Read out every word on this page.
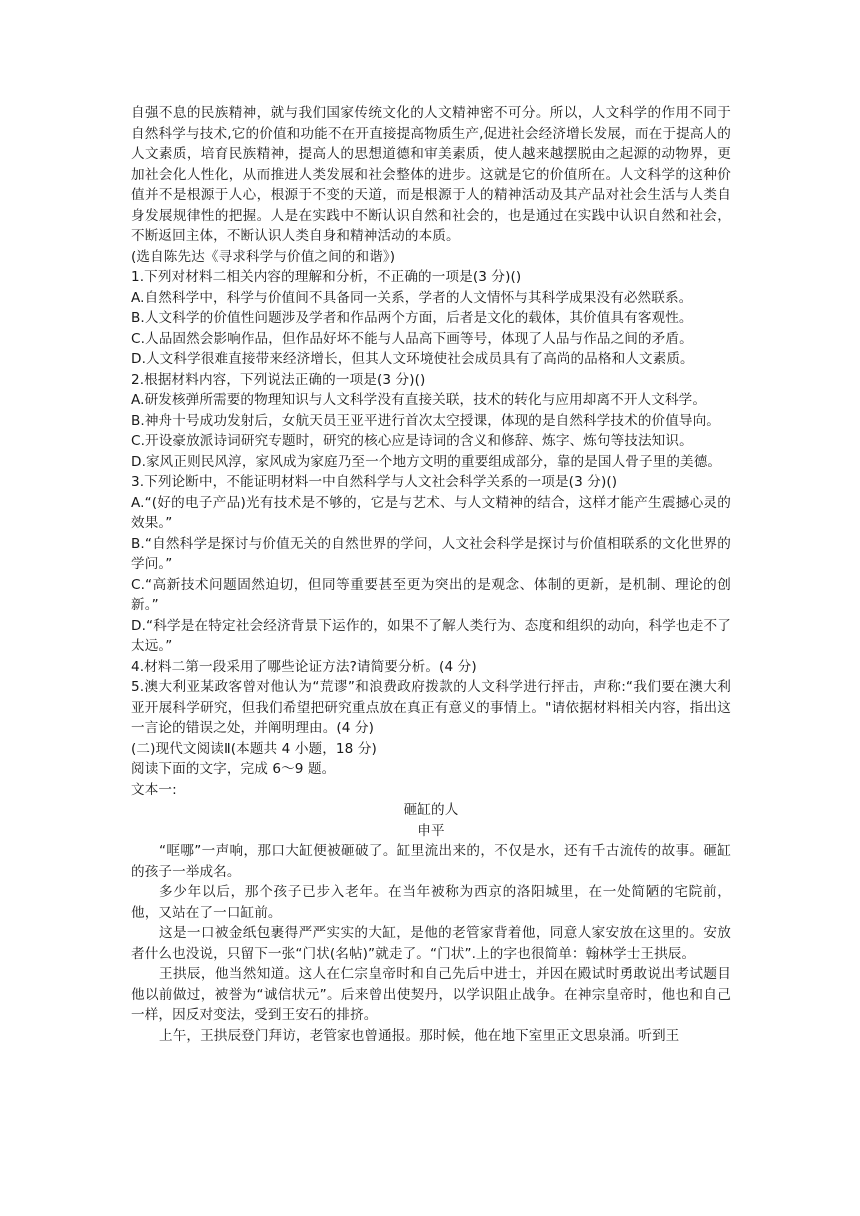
自强不息的民族精神，就与我们国家传统文化的人文精神密不可分。所以，人文科学的作用不同于自然科学与技术,它的价值和功能不在开直接提高物质生产,促进社会经济增长发展，而在于提高人的人文素质，培育民族精神，提高人的思想道德和审美素质，使人越来越摆脱由之起源的动物界，更加社会化人性化，从而推进人类发展和社会整体的进步。这就是它的价值所在。人文科学的这种价值并不是根源于人心，根源于不变的天道，而是根源于人的精神活动及其产品对社会生活与人类自身发展规律性的把握。人是在实践中不断认识自然和社会的，也是通过在实践中认识自然和社会，不断返回主体，不断认识人类自身和精神活动的本质。

(选自陈先达《寻求科学与价值之间的和谐》)

1.下列对材料二相关内容的理解和分析，不正确的一项是(3 分)()

A.自然科学中，科学与价值间不具备同一关系，学者的人文情怀与其科学成果没有必然联系。

B.人文科学的价值性问题涉及学者和作品两个方面，后者是文化的载体，其价值具有客观性。

C.人品固然会影响作品，但作品好坏不能与人品高下画等号，体现了人品与作品之间的矛盾。

D.人文科学很难直接带来经济增长，但其人文环境使社会成员具有了高尚的品格和人文素质。

2.根据材料内容，下列说法正确的一项是(3 分)()

A.研发核弹所需要的物理知识与人文科学没有直接关联，技术的转化与应用却离不开人文科学。

B.神舟十号成功发射后，女航天员王亚平进行首次太空授课，体现的是自然科学技术的价值导向。

C.开设豪放派诗词研究专题时，研究的核心应是诗词的含义和修辞、炼字、炼句等技法知识。

D.家风正则民风淳，家风成为家庭乃至一个地方文明的重要组成部分，靠的是国人骨子里的美德。

3.下列论断中，不能证明材料一中自然科学与人文社会科学关系的一项是(3 分)()

A.“(好的电子产品)光有技术是不够的，它是与艺术、与人文精神的结合，这样才能产生震撼心灵的效果。”

B.“自然科学是探讨与价值无关的自然世界的学问，人文社会科学是探讨与价值相联系的文化世界的学问。”

C.“高新技术问题固然迫切，但同等重要甚至更为突出的是观念、体制的更新，是机制、理论的创新。”

D.“科学是在特定社会经济背景下运作的，如果不了解人类行为、态度和组织的动向，科学也走不了太远。”

4.材料二第一段采用了哪些论证方法?请简要分析。(4 分)

5.澳大利亚某政客曾对他认为“荒谬”和浪费政府拨款的人文科学进行抨击，声称:“我们要在澳大利亚开展科学研究，但我们希望把研究重点放在真正有意义的事情上。"请依据材料相关内容，指出这一言论的错误之处，并阐明理由。(4 分)

(二)现代文阅读Ⅱ(本题共 4 小题，18 分)

阅读下面的文字，完成 6～9 题。

文本一:

砸缸的人

申平

“哐哪”一声响，那口大缸便被砸破了。缸里流出来的，不仅是水，还有千古流传的故事。砸缸的孩子一举成名。

多少年以后，那个孩子已步入老年。在当年被称为西京的洛阳城里，在一处简陋的宅院前，他，又站在了一口缸前。

这是一口被金纸包裹得严严实实的大缸，是他的老管家背着他，同意人家安放在这里的。安放者什么也没说，只留下一张“门状(名帖)”就走了。“门状”.上的字也很简单：翰林学士王拱辰。

王拱辰，他当然知道。这人在仁宗皇帝时和自己先后中进士，并因在殿试时勇敢说出考试题目他以前做过，被誉为“诚信状元”。后来曾出使契丹，以学识阻止战争。在神宗皇帝时，他也和自己一样，因反对变法，受到王安石的排挤。

上午，王拱辰登门拜访，老管家也曾通报。那时候，他在地下室里正文思泉涌。听到王
